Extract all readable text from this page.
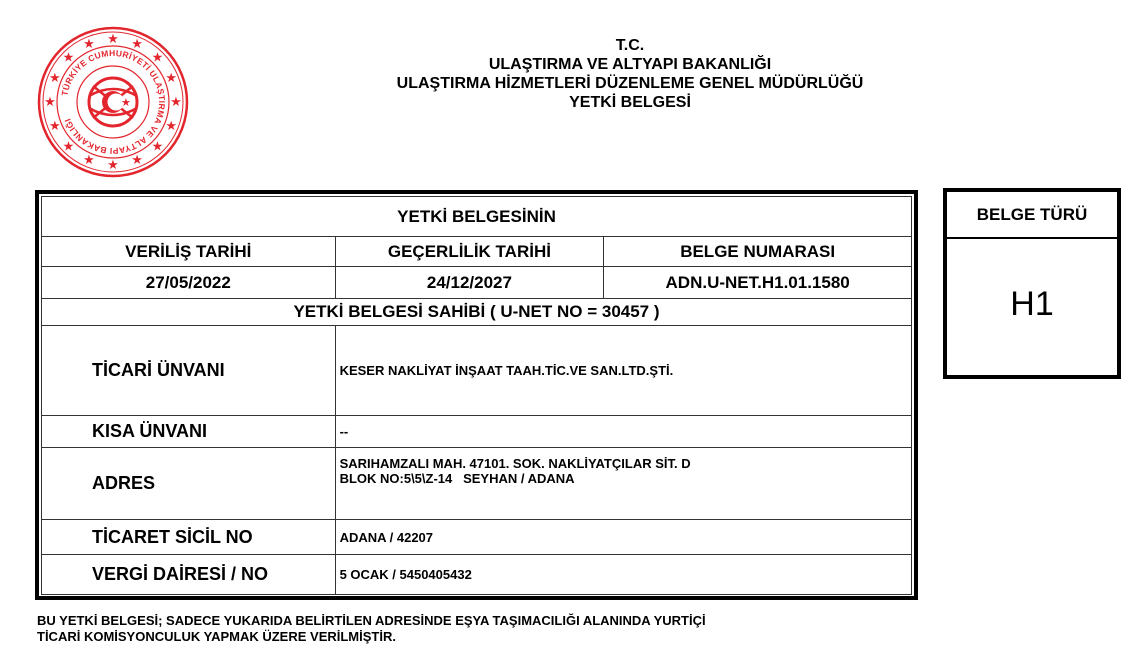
★
★
★
★
★
★
★
★
★
★
★
★ ★ ★
★
★
TÜRKİYE CUMHURİYETİ ULAŞTIRMA VE ALTYAPI BAKANLIĞI
★
T.C.
ULAŞTIRMA VE ALTYAPI BAKANLIĞI
ULAŞTIRMA HİZMETLERİ DÜZENLEME GENEL MÜDÜRLÜĞÜ
YETKİ BELGESİ
YETKİ BELGESİNİN		
VERİLİŞ TARİHİ	GEÇERLİLİK TARİHİ	BELGE NUMARASI
27/05/2022	24/12/2027	ADN.U-NET.H1.01.1580
YETKİ BELGESİ SAHİBİ ( U-NET NO = 30457 )		
TİCARİ ÜNVANI	KESER NAKLİYAT İNŞAAT TAAH.TİC.VE SAN.LTD.ŞTİ.	
KISA ÜNVANI	--	
ADRES	SARIHAMZALI MAH. 47101. SOK. NAKLİYATÇILAR SİT. D
BLOK NO:5\5\Z-14   SEYHAN / ADANA	

TİCARET SİCİL NO	ADANA / 42207	
VERGİ DAİRESİ / NO	5 OCAK / 5450405432	
BELGE TÜRÜ
H1
BU YETKİ BELGESİ; SADECE YUKARIDA BELİRTİLEN ADRESİNDE EŞYA TAŞIMACILIĞI ALANINDA YURTİÇİ
TİCARİ KOMİSYONCULUK YAPMAK ÜZERE VERİLMİŞTİR.
